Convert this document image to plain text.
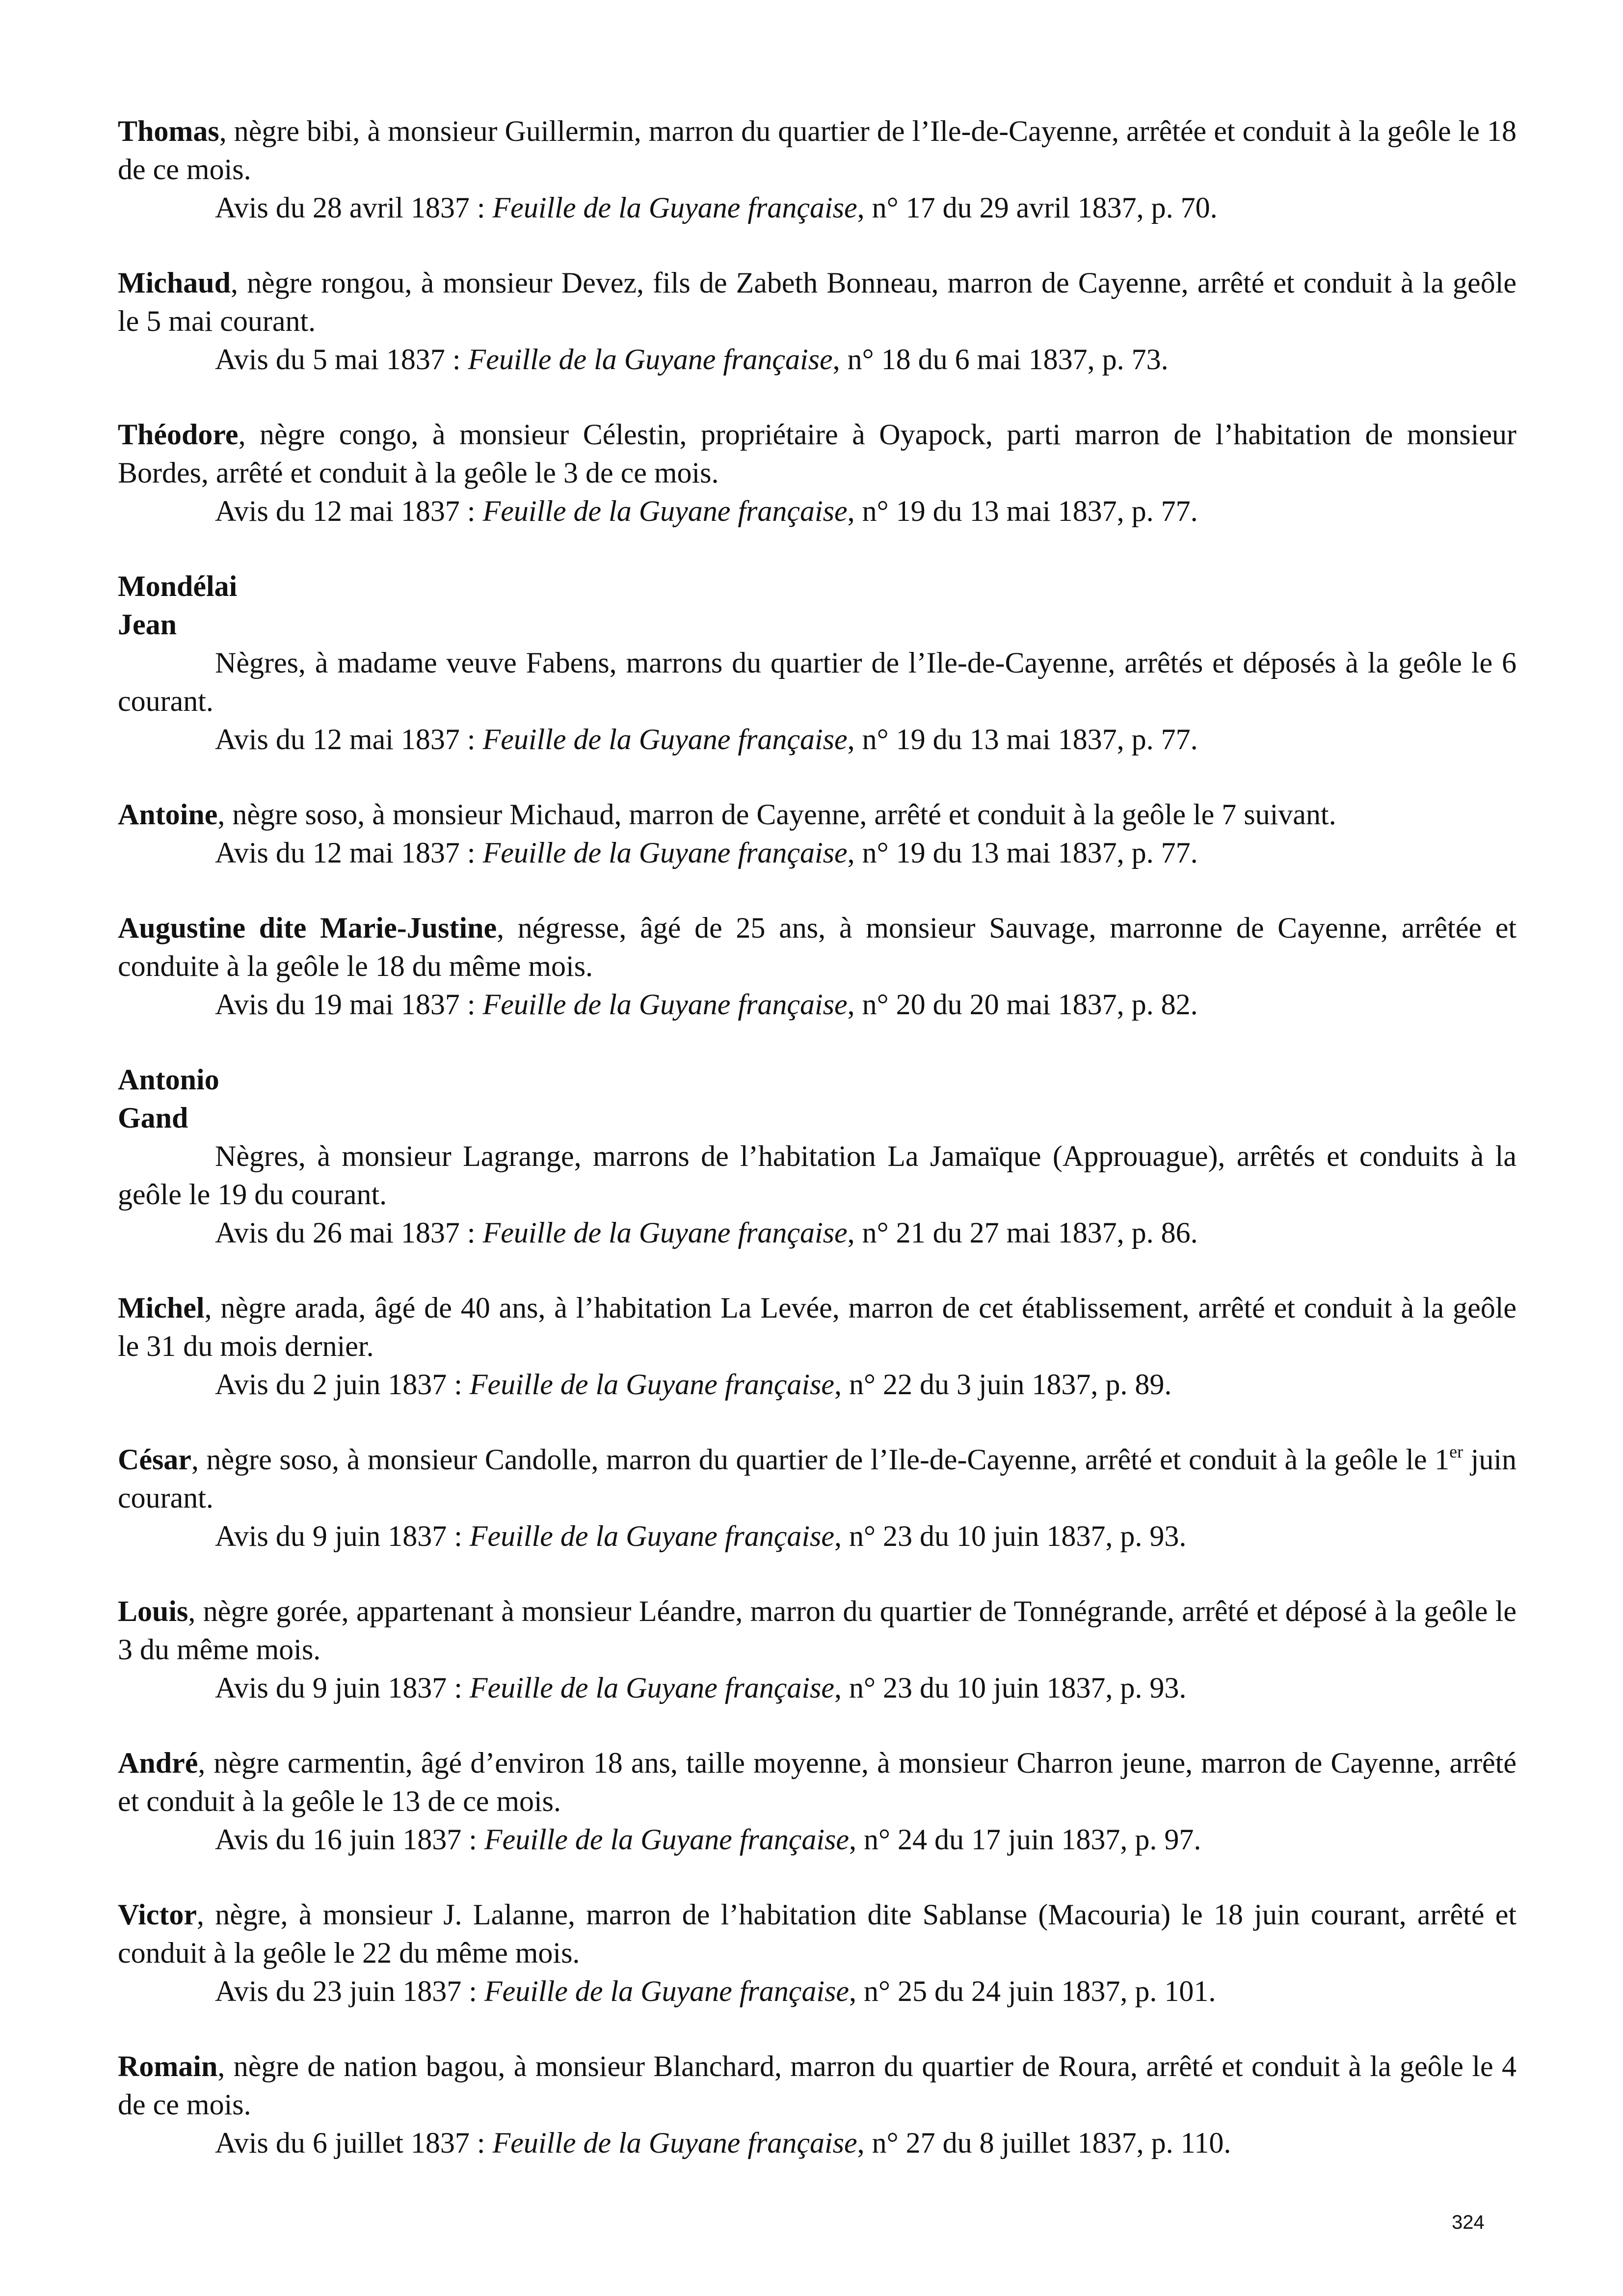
Thomas, nègre bibi, à monsieur Guillermin, marron du quartier de l’Ile-de-Cayenne, arrêtée et conduit à la geôle le 18 de ce mois.

Avis du 28 avril 1837 : Feuille de la Guyane française, n° 17 du 29 avril 1837, p. 70.

Michaud, nègre rongou, à monsieur Devez, fils de Zabeth Bonneau, marron de Cayenne, arrêté et conduit à la geôle le 5 mai courant.

Avis du 5 mai 1837 : Feuille de la Guyane française, n° 18 du 6 mai 1837, p. 73.

Théodore, nègre congo, à monsieur Célestin, propriétaire à Oyapock, parti marron de l’habitation de monsieur Bordes, arrêté et conduit à la geôle le 3 de ce mois.

Avis du 12 mai 1837 : Feuille de la Guyane française, n° 19 du 13 mai 1837, p. 77.

Mondélai

Jean

Nègres, à madame veuve Fabens, marrons du quartier de l’Ile-de-Cayenne, arrêtés et déposés à la geôle le 6 courant.

Avis du 12 mai 1837 : Feuille de la Guyane française, n° 19 du 13 mai 1837, p. 77.

Antoine, nègre soso, à monsieur Michaud, marron de Cayenne, arrêté et conduit à la geôle le 7 suivant.

Avis du 12 mai 1837 : Feuille de la Guyane française, n° 19 du 13 mai 1837, p. 77.

Augustine dite Marie-Justine, négresse, âgé de 25 ans, à monsieur Sauvage, marronne de Cayenne, arrêtée et conduite à la geôle le 18 du même mois.

Avis du 19 mai 1837 : Feuille de la Guyane française, n° 20 du 20 mai 1837, p. 82.

Antonio

Gand

Nègres, à monsieur Lagrange, marrons de l’habitation La Jamaïque (Approuague), arrêtés et conduits à la geôle le 19 du courant.

Avis du 26 mai 1837 : Feuille de la Guyane française, n° 21 du 27 mai 1837, p. 86.

Michel, nègre arada, âgé de 40 ans, à l’habitation La Levée, marron de cet établissement, arrêté et conduit à la geôle le 31 du mois dernier.

Avis du 2 juin 1837 : Feuille de la Guyane française, n° 22 du 3 juin 1837, p. 89.

César, nègre soso, à monsieur Candolle, marron du quartier de l’Ile-de-Cayenne, arrêté et conduit à la geôle le 1er juin courant.

Avis du 9 juin 1837 : Feuille de la Guyane française, n° 23 du 10 juin 1837, p. 93.

Louis, nègre gorée, appartenant à monsieur Léandre, marron du quartier de Tonnégrande, arrêté et déposé à la geôle le 3 du même mois.

Avis du 9 juin 1837 : Feuille de la Guyane française, n° 23 du 10 juin 1837, p. 93.

André, nègre carmentin, âgé d’environ 18 ans, taille moyenne, à monsieur Charron jeune, marron de Cayenne, arrêté et conduit à la geôle le 13 de ce mois.

Avis du 16 juin 1837 : Feuille de la Guyane française, n° 24 du 17 juin 1837, p. 97.

Victor, nègre, à monsieur J. Lalanne, marron de l’habitation dite Sablanse (Macouria) le 18 juin courant, arrêté et conduit à la geôle le 22 du même mois.

Avis du 23 juin 1837 : Feuille de la Guyane française, n° 25 du 24 juin 1837, p. 101.

Romain, nègre de nation bagou, à monsieur Blanchard, marron du quartier de Roura, arrêté et conduit à la geôle le 4 de ce mois.

Avis du 6 juillet 1837 : Feuille de la Guyane française, n° 27 du 8 juillet 1837, p. 110.

324
